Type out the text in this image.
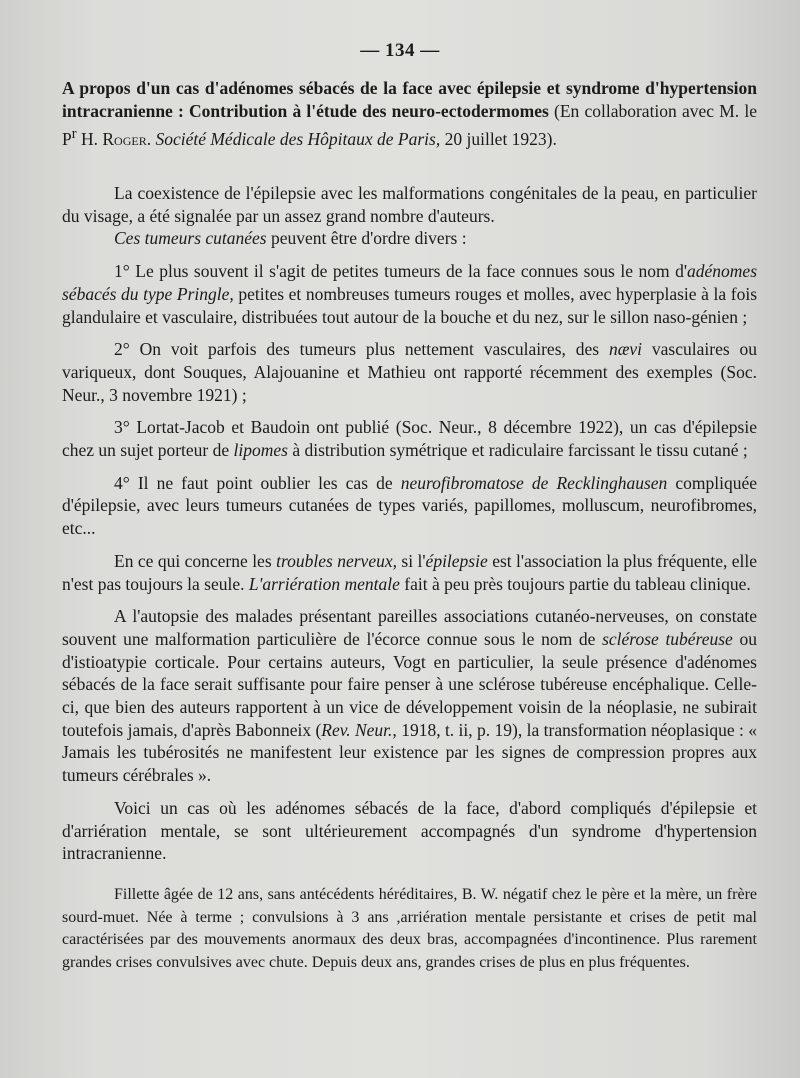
— 134 —
A propos d'un cas d'adénomes sébacés de la face avec épilepsie et syndrome d'hypertension intracranienne : Contribution à l'étude des neuro-ectodermomes (En collaboration avec M. le $P^r$ H. Roger. Société Médicale des Hôpitaux de Paris, 20 juillet 1923).

La coexistence de l'épilepsie avec les malformations congénitales de la peau, en particulier du visage, a été signalée par un assez grand nombre d'auteurs.

Ces tumeurs cutanées peuvent être d'ordre divers :

1° Le plus souvent il s'agit de petites tumeurs de la face connues sous le nom d'adénomes sébacés du type Pringle, petites et nombreuses tumeurs rouges et molles, avec hyperplasie à la fois glandulaire et vasculaire, distribuées tout autour de la bouche et du nez, sur le sillon naso-génien ;

2° On voit parfois des tumeurs plus nettement vasculaires, des nævi vasculaires ou variqueux, dont Souques, Alajouanine et Mathieu ont rapporté récemment des exemples (Soc. Neur., 3 novembre 1921) ;

3° Lortat-Jacob et Baudoin ont publié (Soc. Neur., 8 décembre 1922), un cas d'épilepsie chez un sujet porteur de lipomes à distribution symétrique et radiculaire farcissant le tissu cutané ;

4° Il ne faut point oublier les cas de neurofibromatose de Recklinghausen compliquée d'épilepsie, avec leurs tumeurs cutanées de types variés, papillomes, molluscum, neurofibromes, etc...

En ce qui concerne les troubles nerveux, si l'épilepsie est l'association la plus fréquente, elle n'est pas toujours la seule. L'arriération mentale fait à peu près toujours partie du tableau clinique.

A l'autopsie des malades présentant pareilles associations cutanéo-nerveuses, on constate souvent une malformation particulière de l'écorce connue sous le nom de sclérose tubéreuse ou d'istioatypie corticale. Pour certains auteurs, Vogt en particulier, la seule présence d'adénomes sébacés de la face serait suffisante pour faire penser à une sclérose tubéreuse encéphalique. Celle-ci, que bien des auteurs rapportent à un vice de développement voisin de la néoplasie, ne subirait toutefois jamais, d'après Babonneix (Rev. Neur., 1918, t. ii, p. 19), la transformation néoplasique : « Jamais les tubérosités ne manifestent leur existence par les signes de compression propres aux tumeurs cérébrales ».

Voici un cas où les adénomes sébacés de la face, d'abord compliqués d'épilepsie et d'arriération mentale, se sont ultérieurement accompagnés d'un syndrome d'hypertension intracranienne.

Fillette âgée de 12 ans, sans antécédents héréditaires, B. W. négatif chez le père et la mère, un frère sourd-muet. Née à terme ; convulsions à 3 ans ,arriération mentale persistante et crises de petit mal caractérisées par des mouvements anormaux des deux bras, accompagnées d'incontinence. Plus rarement grandes crises convulsives avec chute. Depuis deux ans, grandes crises de plus en plus fréquentes.
